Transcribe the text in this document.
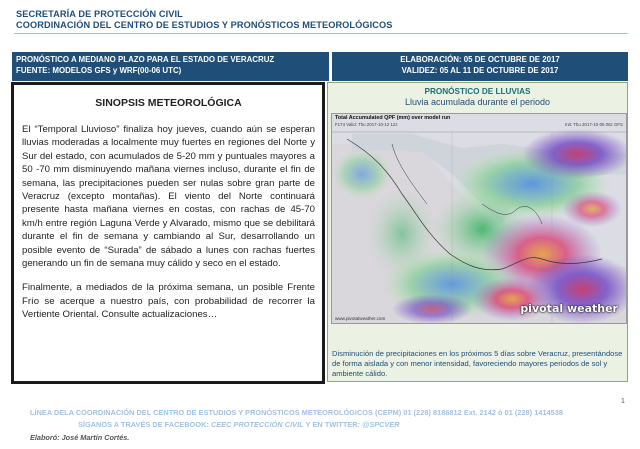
SECRETARÍA DE PROTECCIÓN CIVIL
COORDINACIÓN DEL CENTRO DE ESTUDIOS Y PRONÓSTICOS METEOROLÓGICOS
PRONÓSTICO A MEDIANO PLAZO PARA EL ESTADO DE VERACRUZ
FUENTE: MODELOS GFS y WRF(00-06 UTC)
ELABORACIÓN: 05 DE OCTUBRE DE 2017
VALIDEZ: 05 AL 11 DE OCTUBRE DE 2017
SINOPSIS METEOROLÓGICA

El “Temporal Lluvioso” finaliza hoy jueves, cuando aún se esperan lluvias moderadas a localmente muy fuertes en regiones del Norte y Sur del estado, con acumulados de 5-20 mm y puntuales mayores a 50 -70 mm disminuyendo mañana viernes incluso, durante el fin de semana, las precipitaciones pueden ser nulas sobre gran parte de Veracruz (excepto montañas). El viento del Norte continuará presente hasta mañana viernes en costas, con rachas de 45-70 km/h entre región Laguna Verde y Alvarado, mismo que se debilitará durante el fin de semana y cambiando al Sur, desarrollando un posible evento de “Surada” de sábado a lunes con rachas fuertes generando un fin de semana muy cálido y seco en el estado.

Finalmente, a mediados de la próxima semana, un posible Frente Frío se acerque a nuestro país, con probabilidad de recorrer la Vertiente Oriental. Consulte actualizaciones…

PRONÓSTICO DE LLUVIAS
Lluvia acumulada durante el periodo
Total Accumulated QPF (mm) over model run
F174 Valid: Thu 2017-10-12 12z	Init: Thu 2017-10-05 06z GFS
www.pivotalweather.com
pivotal weather
Disminución de precipitaciones en los próximos 5 días sobre Veracruz, presentándose de forma aislada y con menor intensidad, favoreciendo mayores periodos de sol y ambiente cálido.
1
LÍNEA DELA COORDINACIÓN DEL CENTRO DE ESTUDIOS Y PRONÓSTICOS METEOROLÓGICOS (CEPM) 01 (228) 8186812 Ext. 2142 ó 01 (228) 1414538
SÍGANOS A TRAVÉS DE FACEBOOK: CEEC PROTECCIÓN CIVIL Y EN TWITTER: @SPCVER
Elaboró: José Martín Cortés.
